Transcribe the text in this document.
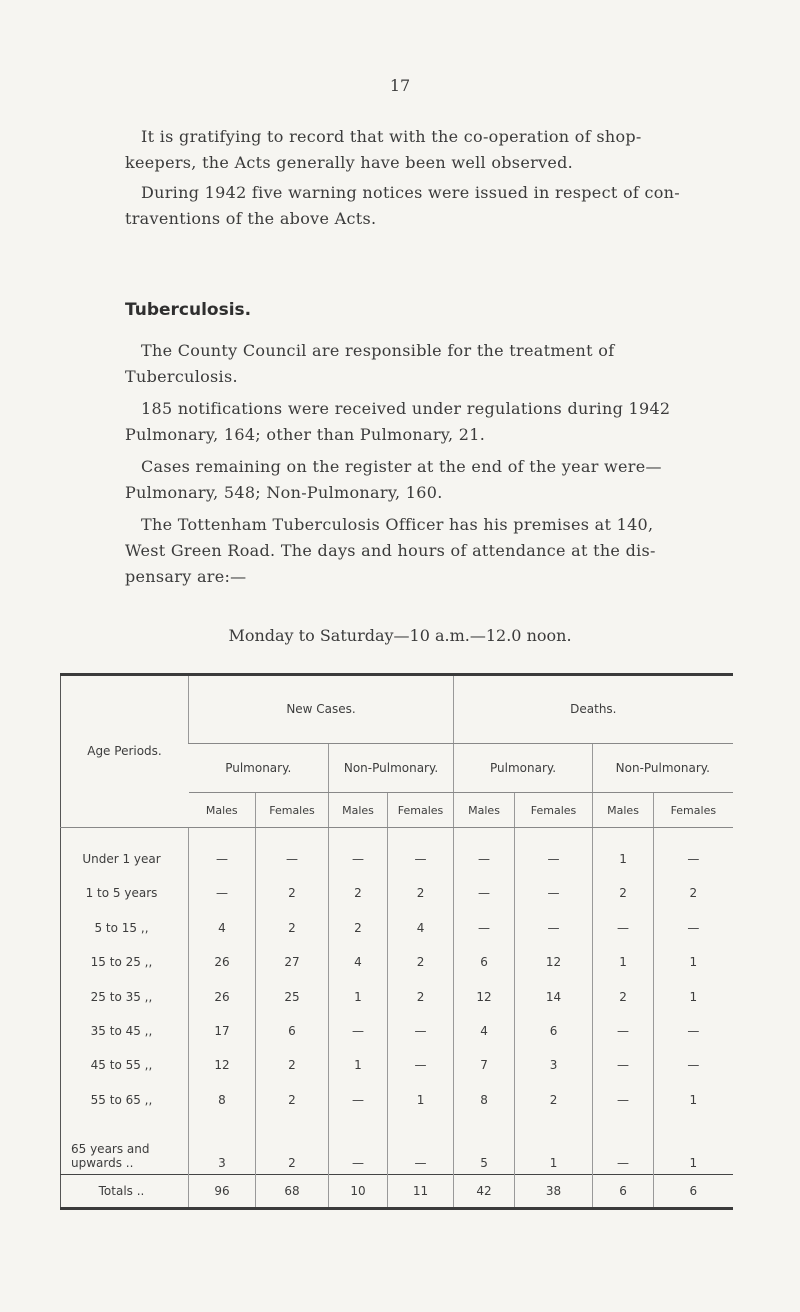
17
It is gratifying to record that with the co-operation of shop-
keepers, the Acts generally have been well observed.
During 1942 five warning notices were issued in respect of con-
traventions of the above Acts.
Tuberculosis.
The County Council are responsible for the treatment of
Tuberculosis.
185 notifications were received under regulations during 1942
Pulmonary, 164; other than Pulmonary, 21.
Cases remaining on the register at the end of the year were—
Pulmonary, 548; Non-Pulmonary, 160.
The Tottenham Tuberculosis Officer has his premises at 140,
West Green Road. The days and hours of attendance at the dis-
pensary are:—
Monday to Saturday—10 a.m.—12.0 noon.
Age Periods.	New Cases.				Deaths.			
	Pulmonary.		Non-Pulmonary.		Pulmonary.		Non-Pulmonary.	
	Males	Females	Males	Females	Males	Females	Males	Females
Under 1 year	—	—	—	—	—	—	1	—
1 to 5 years	—	2	2	2	—	—	2	2
5 to 15 ,,	4	2	2	4	—	—	—	—
15 to 25 ,,	26	27	4	2	6	12	1	1
25 to 35 ,,	26	25	1	2	12	14	2	1
35 to 45 ,,	17	6	—	—	4	6	—	—
45 to 55 ,,	12	2	1	—	7	3	—	—
55 to 65 ,,	8	2	—	1	8	2	—	1
65 years and upwards ..	3	2	—	—	5	1	—	1
Totals ..	96	68	10	11	42	38	6	6
